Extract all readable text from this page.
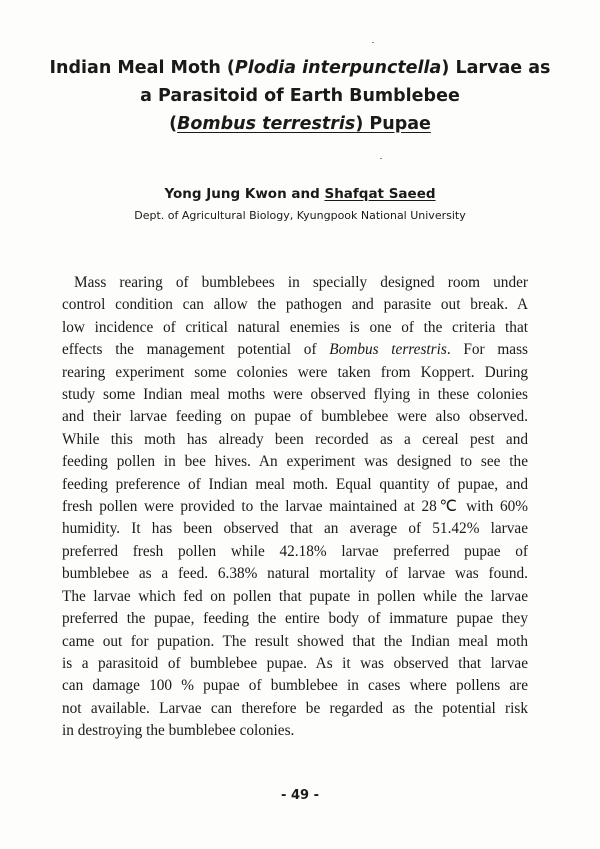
Indian Meal Moth (Plodia interpunctella) Larvae as
a Parasitoid of Earth Bumblebee
(Bombus terrestris) Pupae

Yong Jung Kwon and Shafqat Saeed

Dept. of Agricultural Biology, Kyungpook National University

Mass rearing of bumblebees in specially designed room under
control condition can allow the pathogen and parasite out break. A
low incidence of critical natural enemies is one of the criteria that
effects the management potential of Bombus terrestris. For mass
rearing experiment some colonies were taken from Koppert. During
study some Indian meal moths were observed flying in these colonies
and their larvae feeding on pupae of bumblebee were also observed.
While this moth has already been recorded as a cereal pest and
feeding pollen in bee hives. An experiment was designed to see the
feeding preference of Indian meal moth. Equal quantity of pupae, and
fresh pollen were provided to the larvae maintained at 28℃ with 60%
humidity. It has been observed that an average of 51.42% larvae
preferred fresh pollen while 42.18% larvae preferred pupae of
bumblebee as a feed. 6.38% natural mortality of larvae was found.
The larvae which fed on pollen that pupate in pollen while the larvae
preferred the pupae, feeding the entire body of immature pupae they
came out for pupation. The result showed that the Indian meal moth
is a parasitoid of bumblebee pupae. As it was observed that larvae
can damage 100 % pupae of bumblebee in cases where pollens are
not available. Larvae can therefore be regarded as the potential risk
in destroying the bumblebee colonies.

- 49 -
